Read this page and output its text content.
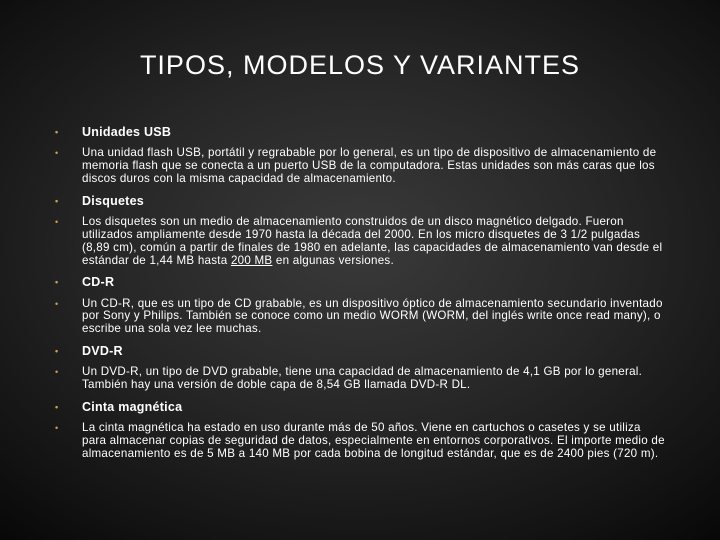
TIPOS, MODELOS Y VARIANTES
• Unidades USB
• Una unidad flash USB, portátil y regrabable por lo general, es un tipo de dispositivo de almacenamiento de memoria flash que se conecta a un puerto USB de la computadora. Estas unidades son más caras que los discos duros con la misma capacidad de almacenamiento.
• Disquetes
• Los disquetes son un medio de almacenamiento construidos de un disco magnético delgado. Fueron utilizados ampliamente desde 1970 hasta la década del 2000. En los micro disquetes de 3 1/2 pulgadas (8,89 cm), común a partir de finales de 1980 en adelante, las capacidades de almacenamiento van desde el estándar de 1,44 MB hasta 200 MB en algunas versiones.
• CD-R
• Un CD-R, que es un tipo de CD grabable, es un dispositivo óptico de almacenamiento secundario inventado por Sony y Philips. También se conoce como un medio WORM (WORM, del inglés write once read many), o escribe una sola vez lee muchas.
• DVD-R
• Un DVD-R, un tipo de DVD grabable, tiene una capacidad de almacenamiento de 4,1 GB por lo general. También hay una versión de doble capa de 8,54 GB llamada DVD-R DL.
• Cinta magnética
• La cinta magnética ha estado en uso durante más de 50 años. Viene en cartuchos o casetes y se utiliza para almacenar copias de seguridad de datos, especialmente en entornos corporativos. El importe medio de almacenamiento es de 5 MB a 140 MB por cada bobina de longitud estándar, que es de 2400 pies (720 m).
